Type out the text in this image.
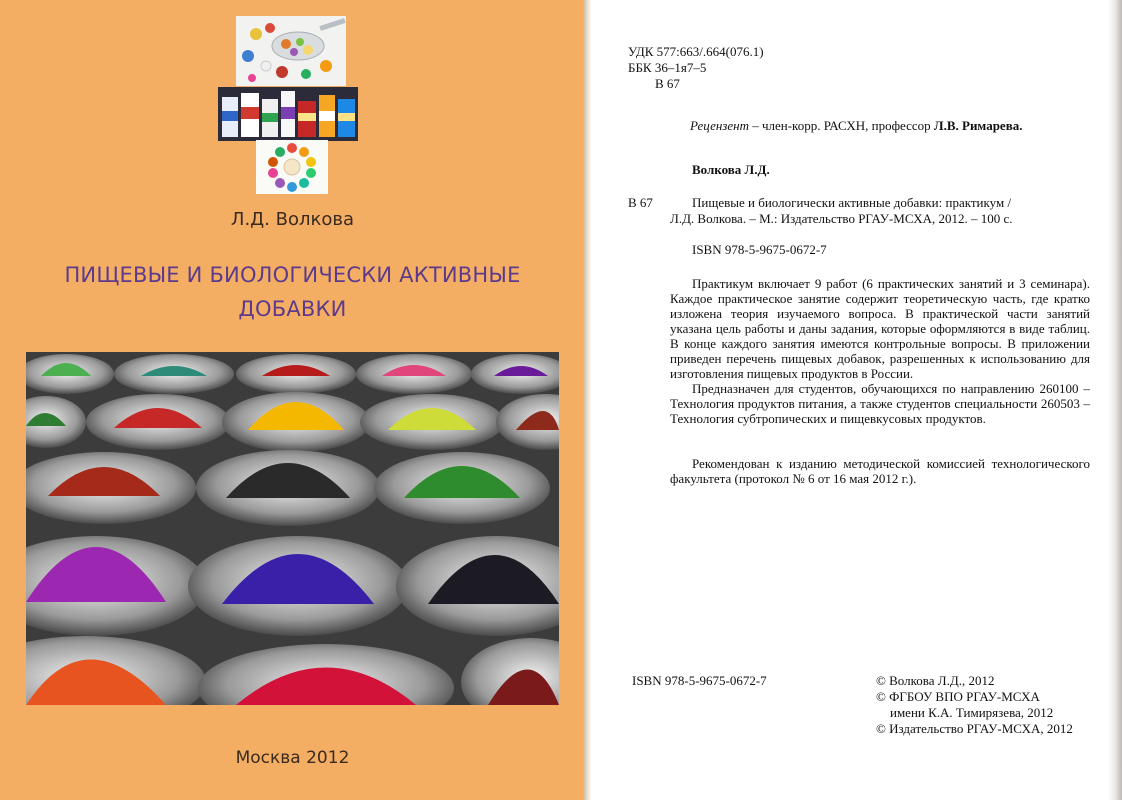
Л.Д. Волкова
ПИЩЕВЫЕ И БИОЛОГИЧЕСКИ АКТИВНЫЕ
ДОБАВКИ
Москва 2012
УДК 577:663/.664(076.1)
ББК 36–1я7–5
В 67
Рецензент – член-корр. РАСХН, профессор Л.В. Римарева.
Волкова Л.Д.
В 67	Пищевые и биологически активные добавки: практикум /
Л.Д. Волкова. – М.: Издательство РГАУ-МСХА, 2012. – 100 с.
ISBN 978-5-9675-0672-7
Практикум включает 9 работ (6 практических занятий и 3 семинара). Каждое практическое занятие содержит теоретическую часть, где кратко изложена теория изучаемого вопроса. В практической части занятий указана цель работы и даны задания, которые оформляются в виде таблиц. В конце каждого занятия имеются контрольные вопросы. В приложении приведен перечень пищевых добавок, разрешенных к использованию для изготовления пищевых продуктов в России.
Предназначен для студентов, обучающихся по направлению 260100 – Технология продуктов питания, а также студентов специальности 260503 – Технология субтропических и пищевкусовых продуктов.
Рекомендован к изданию методической комиссией технологического факультета (протокол № 6 от 16 мая 2012 г.).
ISBN 978-5-9675-0672-7	© Волкова Л.Д., 2012
© ФГБОУ ВПО РГАУ-МСХА
имени К.А. Тимирязева, 2012
© Издательство РГАУ-МСХА, 2012
